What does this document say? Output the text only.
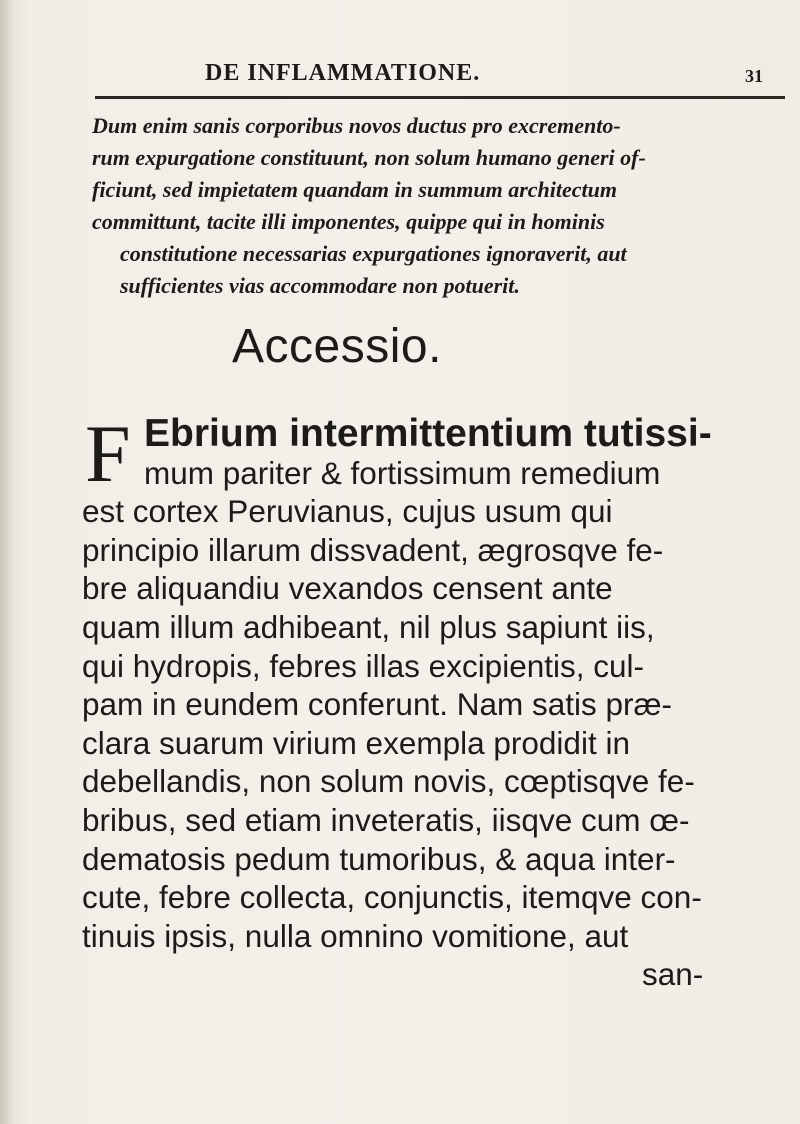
DE INFLAMMATIONE.	31

Dum enim sanis corporibus novos ductus pro excremento-

rum expurgatione constituunt, non solum humano generi of-

ficiunt, sed impietatem quandam in summum architectum

committunt, tacite illi imponentes, quippe qui in hominis

constitutione necessarias expurgationes ignoraverit, aut

sufficientes vias accommodare non potuerit.

Accessio.
F Ebrium intermittentium tutissi-

mum pariter & fortissimum remedium

est cortex Peruvianus, cujus usum qui

principio illarum dissvadent, ægrosqve fe-

bre aliquandiu vexandos censent ante

quam illum adhibeant, nil plus sapiunt iis,

qui hydropis, febres illas excipientis, cul-

pam in eundem conferunt. Nam satis præ-

clara suarum virium exempla prodidit in

debellandis, non solum novis, cœptisqve fe-

bribus, sed etiam inveteratis, iisqve cum œ-

dematosis pedum tumoribus, & aqua inter-

cute, febre collecta, conjunctis, itemqve con-

tinuis ipsis, nulla omnino vomitione, aut

san-
